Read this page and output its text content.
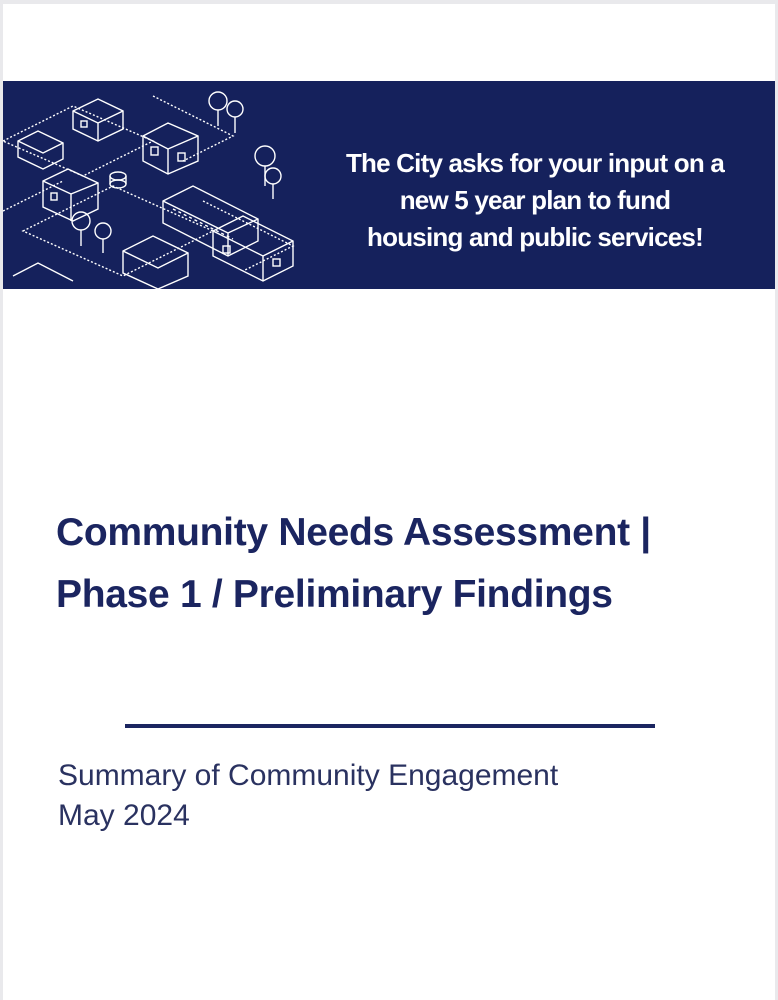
The City asks for your input on a
new 5 year plan to fund
housing and public services!
Community Needs Assessment |
Phase 1 / Preliminary Findings
Summary of Community Engagement
May 2024
